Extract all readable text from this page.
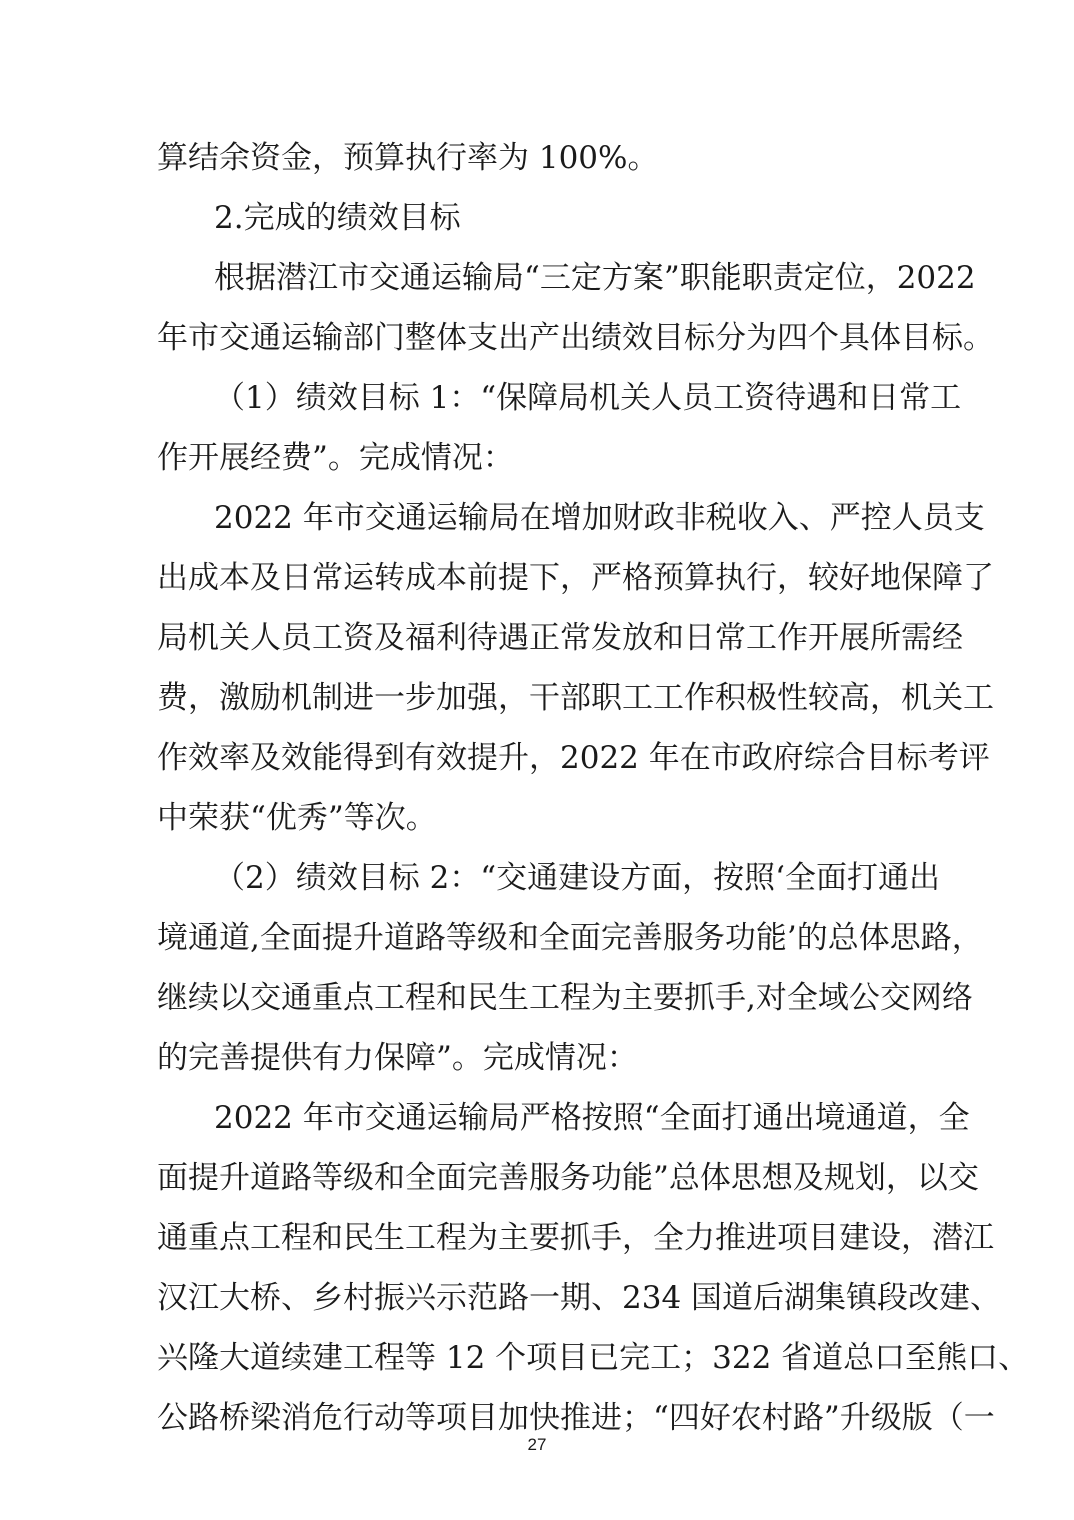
算结余资金，预算执行率为 100%。
2.完成的绩效目标
根据潜江市交通运输局“三定方案”职能职责定位，2022
年市交通运输部门整体支出产出绩效目标分为四个具体目标。
（1）绩效目标 1：“保障局机关人员工资待遇和日常工
作开展经费”。完成情况：
2022 年市交通运输局在增加财政非税收入、严控人员支
出成本及日常运转成本前提下，严格预算执行，较好地保障了
局机关人员工资及福利待遇正常发放和日常工作开展所需经
费，激励机制进一步加强，干部职工工作积极性较高，机关工
作效率及效能得到有效提升，2022 年在市政府综合目标考评
中荣获“优秀”等次。
（2）绩效目标 2：“交通建设方面，按照‘全面打通出
境通道,全面提升道路等级和全面完善服务功能’的总体思路，
继续以交通重点工程和民生工程为主要抓手,对全域公交网络
的完善提供有力保障”。完成情况：
2022 年市交通运输局严格按照“全面打通出境通道，全
面提升道路等级和全面完善服务功能”总体思想及规划，以交
通重点工程和民生工程为主要抓手，全力推进项目建设，潜江
汉江大桥、乡村振兴示范路一期、234 国道后湖集镇段改建、
兴隆大道续建工程等 12 个项目已完工；322 省道总口至熊口、
公路桥梁消危行动等项目加快推进；“四好农村路”升级版（一
27
